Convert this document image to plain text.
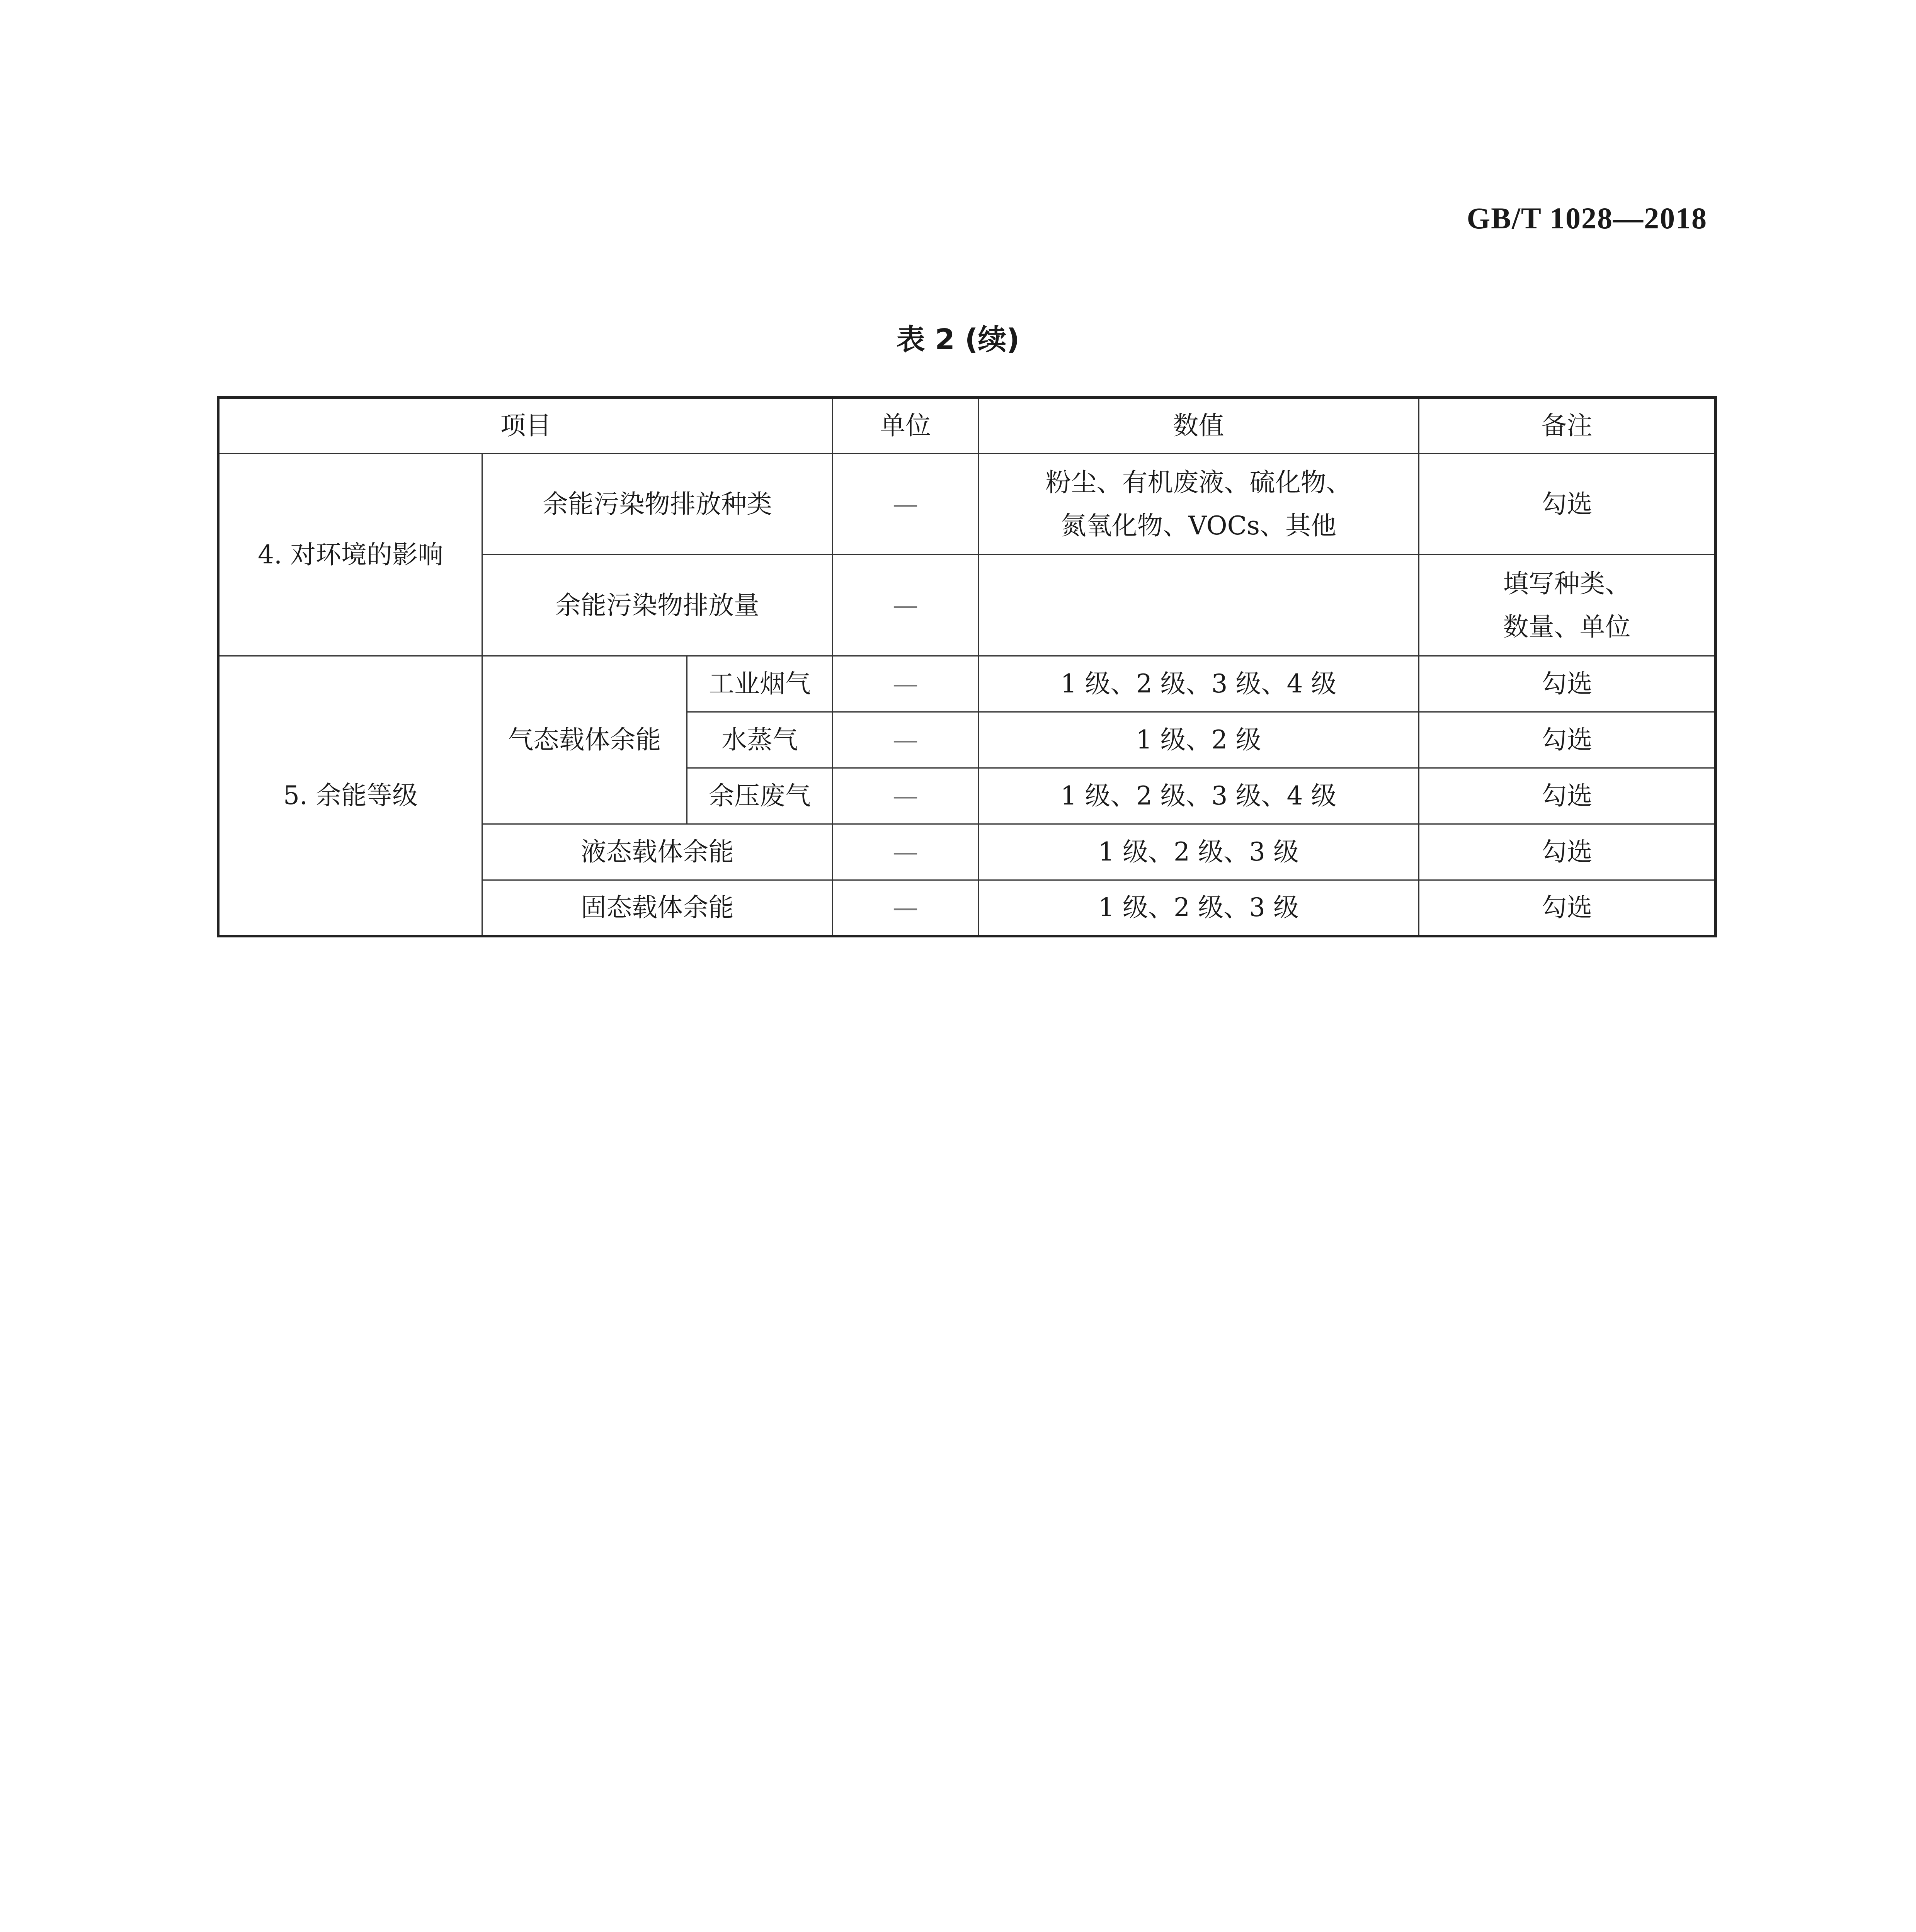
GB/T 1028—2018
表 2 (续)
项目			单位	数值	备注
4. 对环境的影响	余能污染物排放种类		—	粉尘、有机废液、硫化物、
氮氧化物、VOCs、其他	勾选
	余能污染物排放量		—		填写种类、
数量、单位

5. 余能等级	气态载体余能	工业烟气	—	1 级、2 级、3 级、4 级	勾选
		水蒸气	—	1 级、2 级	勾选
		余压废气	—	1 级、2 级、3 级、4 级	勾选
	液态载体余能		—	1 级、2 级、3 级	勾选
	固态载体余能		—	1 级、2 级、3 级	勾选
